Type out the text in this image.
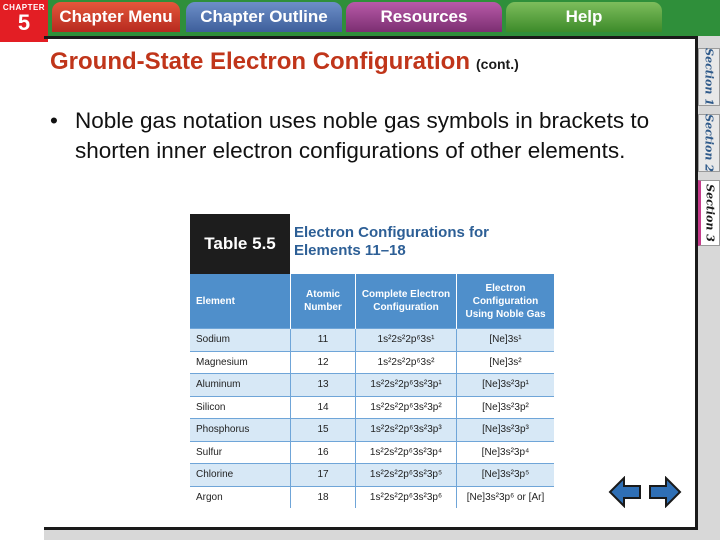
CHAPTER
5	Chapter Menu	Chapter Outline	Resources	Help
Section 1
Section 2
Section 3
Ground-State Electron Configuration (cont.)
• Noble gas notation uses noble gas symbols in brackets to shorten inner electron configurations of other elements.
Table 5.5
Electron Configurations for Elements 11–18
Element	Atomic Number	Complete Electron Configuration	Electron Configuration Using Noble Gas
Sodium	11	1s²2s²2p⁶3s¹	[Ne]3s¹
Magnesium	12	1s²2s²2p⁶3s²	[Ne]3s²
Aluminum	13	1s²2s²2p⁶3s²3p¹	[Ne]3s²3p¹
Silicon	14	1s²2s²2p⁶3s²3p²	[Ne]3s²3p²
Phosphorus	15	1s²2s²2p⁶3s²3p³	[Ne]3s²3p³
Sulfur	16	1s²2s²2p⁶3s²3p⁴	[Ne]3s²3p⁴
Chlorine	17	1s²2s²2p⁶3s²3p⁵	[Ne]3s²3p⁵
Argon	18	1s²2s²2p⁶3s²3p⁶	[Ne]3s²3p⁶ or [Ar]
